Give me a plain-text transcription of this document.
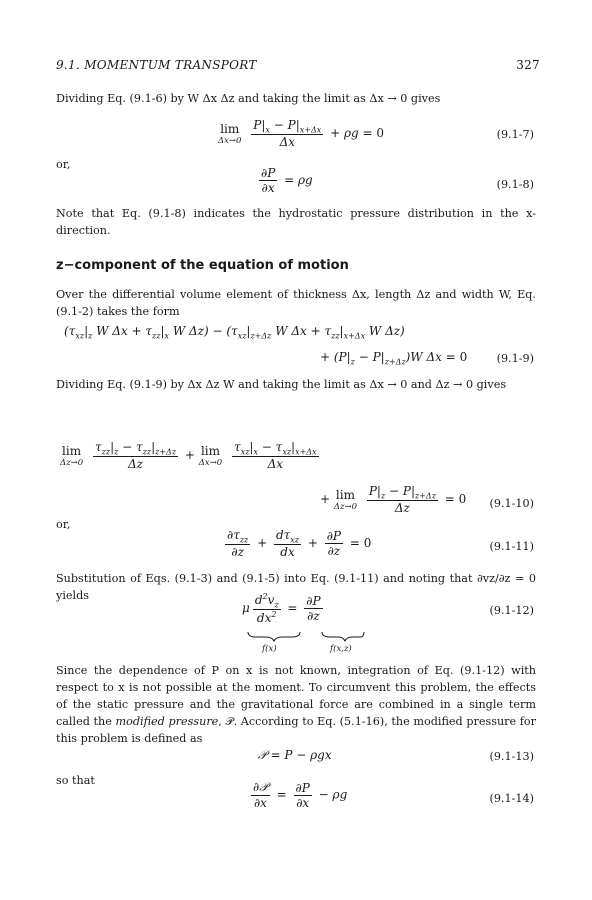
9.1. MOMENTUM TRANSPORT	327
Dividing Eq. (9.1-6) by W Δx Δz and taking the limit as Δx → 0 gives
lim
Δx→0
$\frac{P|_x - P|_{x+\Delta x}}{\Delta x} + \rho g = 0$	(9.1-7)
or,
$\frac{\partial P}{\partial x} = \rho g$	(9.1-8)
Note that Eq. (9.1-8) indicates the hydrostatic pressure distribution in the x- direction.
z−component of the equation of motion
Over the differential volume element of thickness Δx, length Δz and width W, Eq. (9.1-2) takes the form
($\tau_{xz}|_z$ W $\Delta x + \tau_{zz}|_x$ W $\Delta z) - (\tau_{xz}|_{z+\Delta z}$ W $\Delta x + \tau_{zz}|_{x+\Delta x}$ W Δz)
+ $(P|_z - P|_{z+\Delta z})W$ Δx = 0	(9.1-9)
Dividing Eq. (9.1-9) by Δx Δz W and taking the limit as Δx → 0 and Δz → 0 gives
lim
Δz→0
$\frac{\tau_{zz}|_z - \tau_{zz}|_{z+\Delta z}}{\Delta z} + \lim$
Δx→0
$\frac{\tau_{xz}|_x - \tau_{xz}|_{x+\Delta x}}{\Delta x}$
+ lim
Δz→0
$\frac{P|_z - P|_{z+\Delta z}}{\Delta z} = 0$ (9.1-10)
or,
$\frac{\partial\tau_{zz}}{\partial z} + \frac{d\tau_{xz}}{dx} + \frac{\partial P}{\partial z} = 0$	(9.1-11)
Substitution of Eqs. (9.1-3) and (9.1-5) into Eq. (9.1-11) and noting that ∂vz/∂z = 0 yields
μ $\frac{d^2v_z}{dx^2} = \frac{\partial P}{\partial z}$
f(x)	f(x,z)
(9.1-12)
Since the dependence of P on x is not known, integration of Eq. (9.1-12) with respect to x is not possible at the moment. To circumvent this problem, the effects of the static pressure and the gravitational force are combined in a single term called the modified pressure, 𝒫. According to Eq. (5.1-16), the modified pressure for this problem is defined as
𝒫 = P − ρgx	(9.1-13)
so that	$\frac{\text{∂𝒫}}{\partial x} = \frac{\partial P}{\partial x} - \rho g$	(9.1-14)
